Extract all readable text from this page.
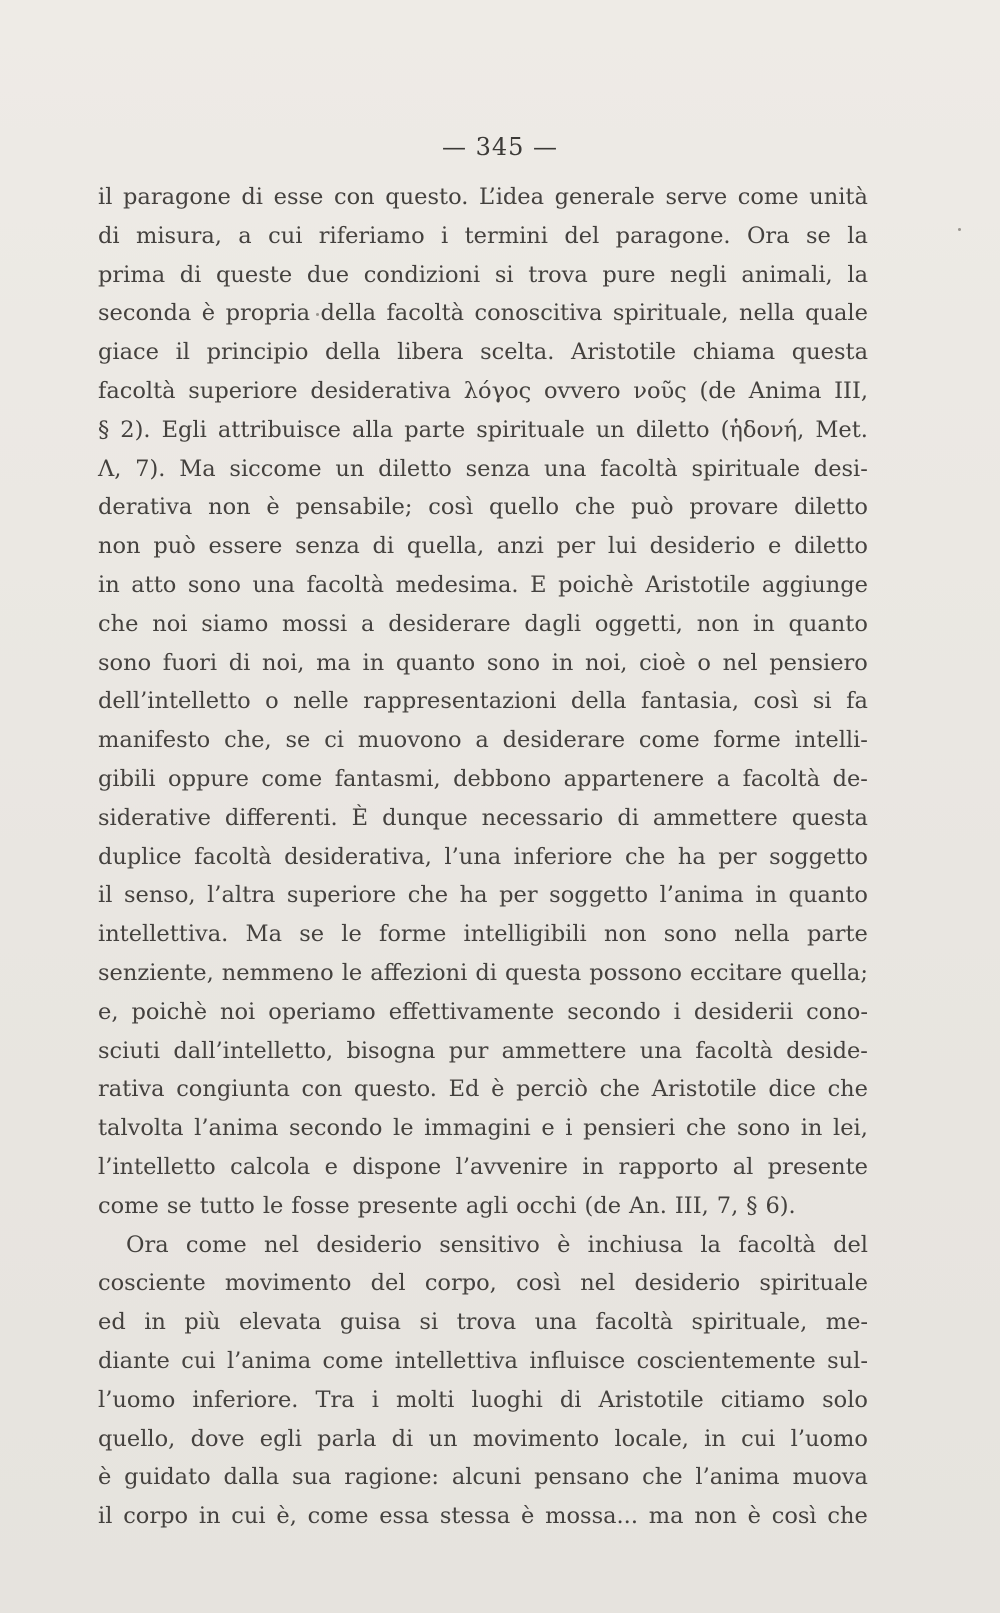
— 345 —
il paragone di esse con questo. L’idea generale serve come unità
di misura, a cui riferiamo i termini del paragone. Ora se la
prima di queste due condizioni si trova pure negli animali, la
seconda è propria della facoltà conoscitiva spirituale, nella quale
giace il principio della libera scelta. Aristotile chiama questa
facoltà superiore desiderativa λόγος ovvero νοῦς (de Anima III,
§ 2). Egli attribuisce alla parte spirituale un diletto (ἡδονή, Met.
Λ, 7). Ma siccome un diletto senza una facoltà spirituale desi-
derativa non è pensabile; così quello che può provare diletto
non può essere senza di quella, anzi per lui desiderio e diletto
in atto sono una facoltà medesima. E poichè Aristotile aggiunge
che noi siamo mossi a desiderare dagli oggetti, non in quanto
sono fuori di noi, ma in quanto sono in noi, cioè o nel pensiero
dell’intelletto o nelle rappresentazioni della fantasia, così si fa
manifesto che, se ci muovono a desiderare come forme intelli-
gibili oppure come fantasmi, debbono appartenere a facoltà de-
siderative differenti. È dunque necessario di ammettere questa
duplice facoltà desiderativa, l’una inferiore che ha per soggetto
il senso, l’altra superiore che ha per soggetto l’anima in quanto
intellettiva. Ma se le forme intelligibili non sono nella parte
senziente, nemmeno le affezioni di questa possono eccitare quella;
e, poichè noi operiamo effettivamente secondo i desiderii cono-
sciuti dall’intelletto, bisogna pur ammettere una facoltà deside-
rativa congiunta con questo. Ed è perciò che Aristotile dice che
talvolta l’anima secondo le immagini e i pensieri che sono in lei,
l’intelletto calcola e dispone l’avvenire in rapporto al presente
come se tutto le fosse presente agli occhi (de An. III, 7, § 6).
Ora come nel desiderio sensitivo è inchiusa la facoltà del
cosciente movimento del corpo, così nel desiderio spirituale
ed in più elevata guisa si trova una facoltà spirituale, me-
diante cui l’anima come intellettiva influisce coscientemente sul-
l’uomo inferiore. Tra i molti luoghi di Aristotile citiamo solo
quello, dove egli parla di un movimento locale, in cui l’uomo
è guidato dalla sua ragione: alcuni pensano che l’anima muova
il corpo in cui è, come essa stessa è mossa... ma non è così che
